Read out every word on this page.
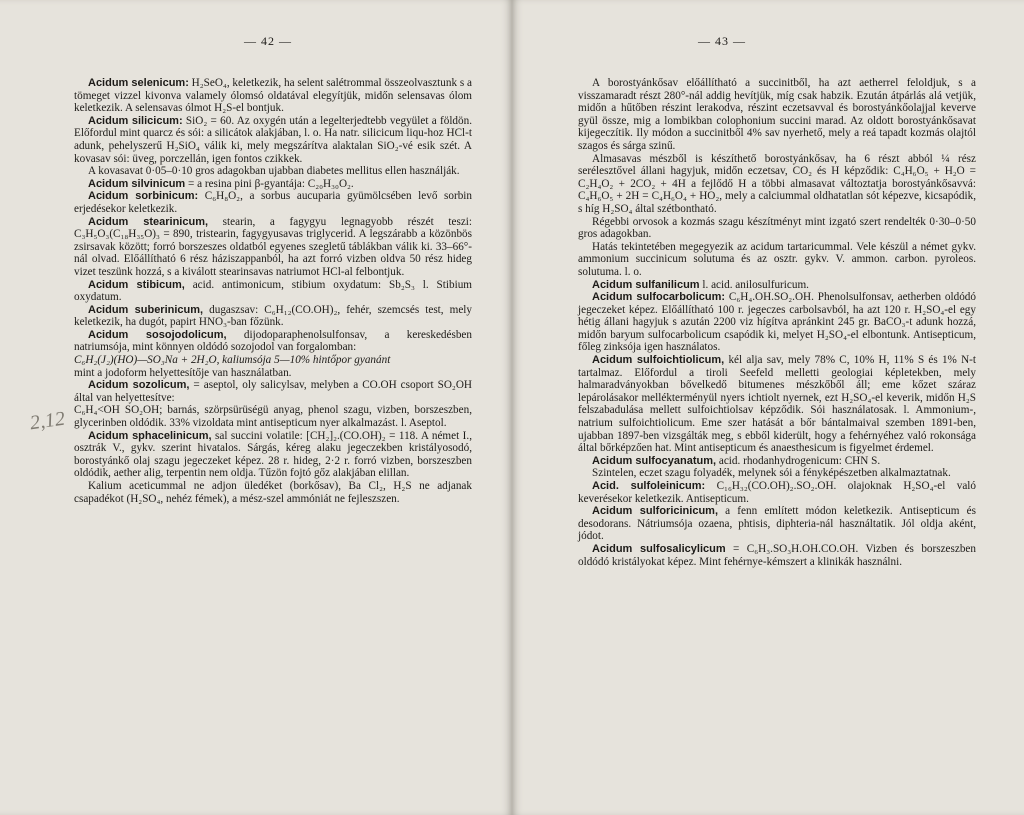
— 42 —
2,12

Acidum selenicum: H₂SeO₄, keletkezik, ha selent salétrommal összeolvasztunk s a tömeget vizzel kivonva valamely ólomsó oldatával elegyítjük, midőn selensavas ólom keletkezik. A selensavas ólmot H₂S-el bontjuk.

Acidum silicicum: SiO₂ = 60. Az oxygén után a legelterjedtebb vegyület a földön. Előfordul mint quarcz és sói: a silicátok alakjában, l. o. Ha natr. silicicum liqu-hoz HCl-t adunk, pehelyszerű H₂SiO₄ válik ki, mely megszárítva alaktalan SiO₂-vé esik szét. A kovasav sói: üveg, porczellán, igen fontos czikkek.

A kovasavat 0·05–0·10 gros adagokban ujabban diabetes mellitus ellen használják.

Acidum silvinicum = a resina pini β-gyantája: C₂₀H₃₀O₂.

Acidum sorbinicum: C₆H₈O₂, a sorbus aucuparia gyümölcsében levő sorbin erjedésekor keletkezik.

Acidum stearinicum, stearin, a fagygyu legnagyobb részét teszi: C₃H₅O₃(C₁₈H₃₅O)₃ = 890, tristearin, fagygyusavas triglycerid. A legszárabb a közönbös zsirsavak között; forró borszeszes oldatból egyenes szegletű táblákban válik ki. 33–66°-nál olvad. Előállítható 6 rész háziszappanból, ha azt forró vizben oldva 50 rész hideg vizet teszünk hozzá, s a kiválott stearinsavas natriumot HCl-al felbontjuk.

Acidum stibicum, acid. antimonicum, stibium oxydatum: Sb₂S₃ l. Stibium oxydatum.

Acidum suberinicum, dugaszsav: C₆H₁₂(CO.OH)₂, fehér, szemcsés test, mely keletkezik, ha dugót, papirt HNO₃-ban főzünk.

Acidum sosojodolicum, dijodoparaphenolsulfonsav, a kereskedésben natriumsója, mint könnyen oldódó sozojodol van forgalomban:

C₆H₂(J₂)(HO)—SO₃Na + 2H₂O, kaliumsója 5—10% hintőpor gyanánt

mint a jodoform helyettesítője van használatban.

Acidum sozolicum, = aseptol, oly salicylsav, melyben a CO.OH csoport SO₂OH által van helyettesítve:

C₆H₄<OH SO₂OH; barnás, szörpsürüségü anyag, phenol szagu, vizben, borszeszben, glycerinben oldódik. 33% vizoldata mint antisepticum nyer alkalmazást. l. Aseptol.

Acidum sphacelinicum, sal succini volatile: [CH₂]₂.(CO.OH)₂ = 118. A német I., osztrák V., gykv. szerint hivatalos. Sárgás, kéreg alaku jegeczekben kristályosodó, borostyánkő olaj szagu jegeczeket képez. 28 r. hideg, 2·2 r. forró vizben, borszeszben oldódik, aether alig, terpentin nem oldja. Tűzön fojtó gőz alakjában elillan.

Kalium aceticummal ne adjon üledéket (borkősav), Ba Cl₂, H₂S ne adjanak csapadékot (H₂SO₄, nehéz fémek), a mész-szel ammóniát ne fejleszszen.

— 43 —

A borostyánkősav előállítható a succinitből, ha azt aetherrel feloldjuk, s a visszamaradt részt 280°-nál addig hevítjük, míg csak habzik. Ezután átpárlás alá vetjük, midőn a hűtőben részint lerakodva, részint eczetsavval és borostyánkőolajjal keverve gyül össze, mig a lombikban colophonium succini marad. Az oldott borostyánkősavat kijegeczítik. Ily módon a succinitből 4% sav nyerhető, mely a reá tapadt kozmás olajtól szagos és sárga szinű.

Almasavas mészből is készíthető borostyánkősav, ha 6 részt abból ¼ rész serélesztővel állani hagyjuk, midőn eczetsav, CO₂ és H képződik: C₄H₆O₅ + H₂O = C₂H₄O₂ + 2CO₂ + 4H a fejlődő H a többi almasavat változtatja borostyánkősavvá: C₄H₆O₅ + 2H = C₄H₆O₄ + HO₂, mely a calciummal oldhatatlan sót képezve, kicsapódik, s híg H₂SO₄ által szétbontható.

Régebbi orvosok a kozmás szagu készítményt mint izgató szert rendelték 0·30–0·50 gros adagokban.

Hatás tekintetében megegyezik az acidum tartaricummal. Vele készül a német gykv. ammonium succinicum solutuma és az osztr. gykv. V. ammon. carbon. pyroleos. solutuma. l. o.

Acidum sulfanilicum l. acid. anilosulfuricum.

Acidum sulfocarbolicum: C₆H₄.OH.SO₂.OH. Phenolsulfonsav, aetherben oldódó jegeczeket képez. Előállítható 100 r. jegeczes carbolsavból, ha azt 120 r. H₂SO₄-el egy hétig állani hagyjuk s azután 2200 viz hígítva apránkint 245 gr. BaCO₃-t adunk hozzá, midőn baryum sulfocarbolicum csapódik ki, melyet H₂SO₄-el elbontunk. Antisepticum, főleg zinksója igen használatos.

Acidum sulfoichtiolicum, kél alja sav, mely 78% C, 10% H, 11% S és 1% N-t tartalmaz. Előfordul a tiroli Seefeld melletti geologiai képletekben, mely halmaradványokban bővelkedő bitumenes mészkőből áll; eme kőzet száraz lepárolásakor mellékterményül nyers ichtiolt nyernek, ezt H₂SO₄-el keverik, midőn H₂S felszabadulása mellett sulfoichtiolsav képződik. Sói használatosak. l. Ammonium-, natrium sulfoichtiolicum. Eme szer hatását a bőr bántalmaival szemben 1891-ben, ujabban 1897-ben vizsgálták meg, s ebből kiderült, hogy a fehérnyéhez való rokonsága által bőrképzően hat. Mint antisepticum és anaesthesicum is figyelmet érdemel.

Acidum sulfocyanatum, acid. rhodanhydrogenicum: CHN S.

Szintelen, eczet szagu folyadék, melynek sói a fényképészetben alkalmaztatnak.

Acid. sulfoleinicum: C₁₆H₃₂(CO.OH)₂.SO₂.OH. olajoknak H₂SO₄-el való keverésekor keletkezik. Antisepticum.

Acidum sulforicinicum, a fenn említett módon keletkezik. Antisepticum és desodorans. Nátriumsója ozaena, phtisis, diphteria-nál használtatik. Jól oldja aként, jódot.

Acidum sulfosalicylicum = C₆H₃.SO₃H.OH.CO.OH. Vizben és borszeszben oldódó kristályokat képez. Mint fehérnye-kémszert a klinikák használni.
